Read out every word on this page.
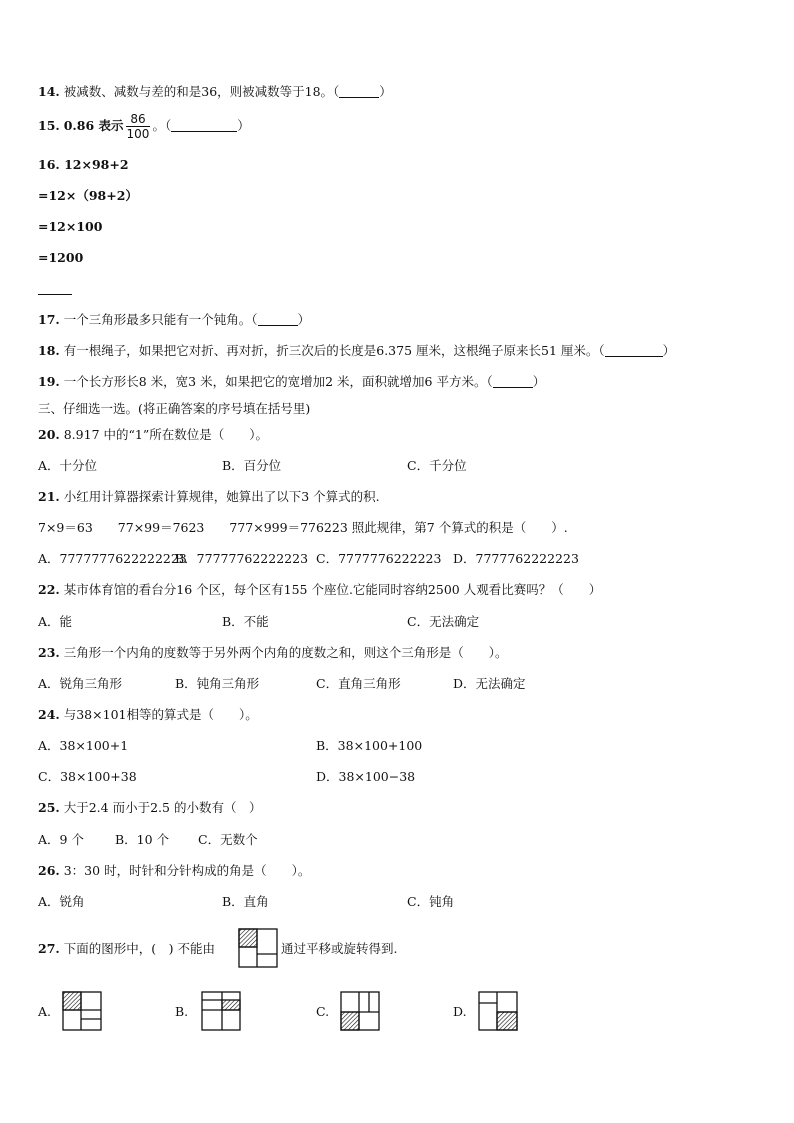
14. 被减数、减数与差的和是36，则被减数等于18。（	）
15. 0.86 表示 $\frac{86}{100}$ 。（	）
16. 12×98+2
=12×（98+2）
=12×100
=1200
17. 一个三角形最多只能有一个钝角。（	）
18. 有一根绳子，如果把它对折、再对折，折三次后的长度是6.375 厘米，这根绳子原来长51 厘米。（	）
19. 一个长方形长8 米，宽3 米，如果把它的宽增加2 米，面积就增加6 平方米。（	）
三、仔细选一选。(将正确答案的序号填在括号里)
20. 8.917 中的“1”所在数位是（　　）。
A．十分位	B．百分位	C．千分位
21. 小红用计算器探索计算规律，她算出了以下3 个算式的积.
7×9＝63　　77×99＝7623　　777×999＝776223 照此规律，第7 个算式的积是（　　）.
A．7777777622222223
B．77777762222223 C．7777776222223 D．7777762222223
22. 某市体育馆的看台分16 个区，每个区有155 个座位.它能同时容纳2500 人观看比赛吗？（　　）
A．能	B．不能	C．无法确定
23. 三角形一个内角的度数等于另外两个内角的度数之和，则这个三角形是（　　）。
A．锐角三角形	B．钝角三角形	C．直角三角形	D．无法确定
24. 与38×101相等的算式是（　　）。
A．38×100+1	B．38×100+100
C．38×100+38	D．38×100−38
25. 大于2.4 而小于2.5 的小数有（　）
A．9 个 B．10 个 C．无数个
26. 3：30 时，时针和分针构成的角是（　　）。
A．锐角	B．直角	C．钝角
27. 下面的图形中，(　) 不能由	通过平移或旋转得到.
A.	B.	C.	D.
